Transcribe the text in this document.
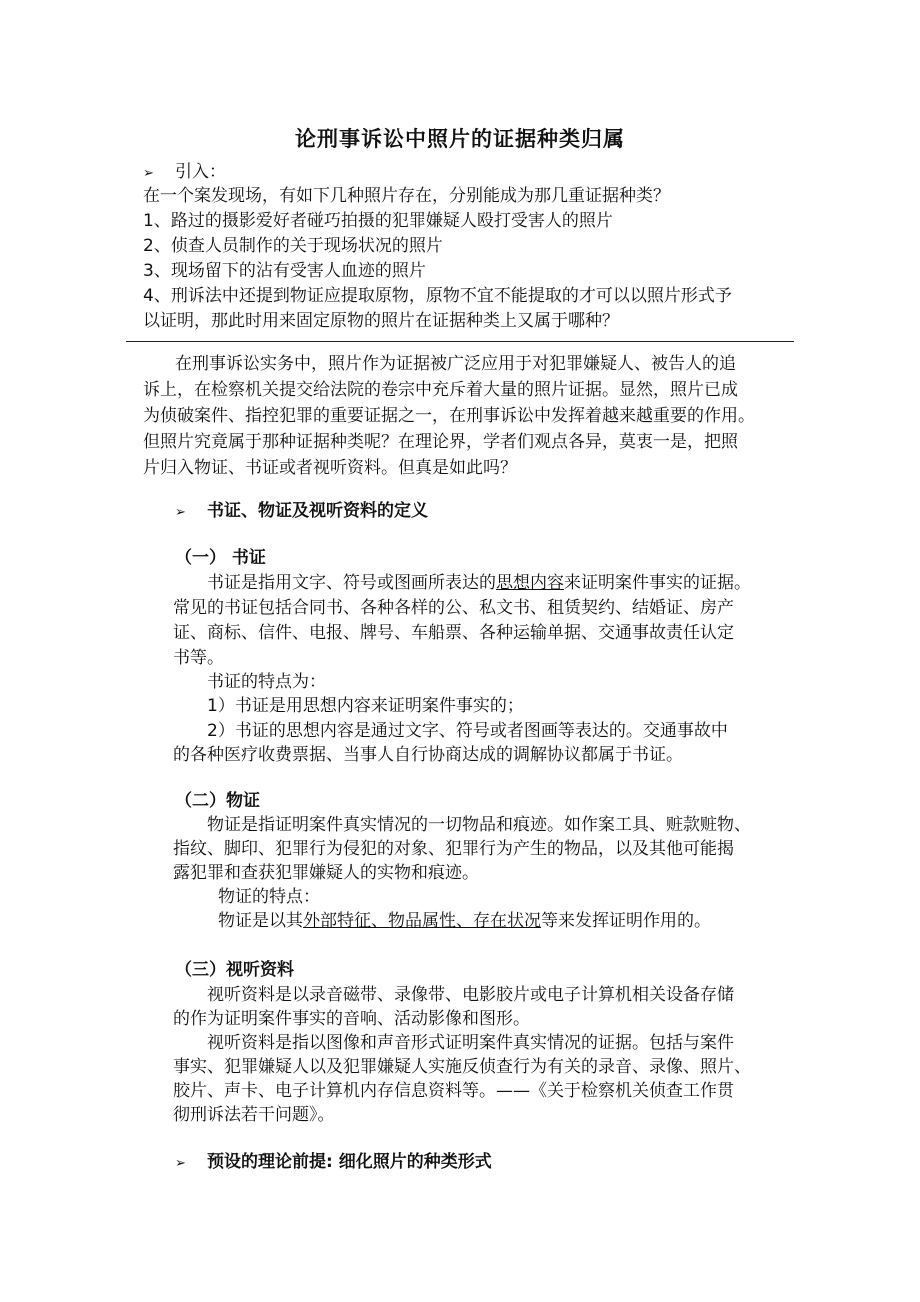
论刑事诉讼中照片的证据种类归属
➢ 引入：
在一个案发现场，有如下几种照片存在，分别能成为那几重证据种类？
1、路过的摄影爱好者碰巧拍摄的犯罪嫌疑人殴打受害人的照片
2、侦查人员制作的关于现场状况的照片
3、现场留下的沾有受害人血迹的照片
4、刑诉法中还提到物证应提取原物，原物不宜不能提取的才可以以照片形式予
以证明，那此时用来固定原物的照片在证据种类上又属于哪种？
在刑事诉讼实务中，照片作为证据被广泛应用于对犯罪嫌疑人、被告人的追
诉上，在检察机关提交给法院的卷宗中充斥着大量的照片证据。显然，照片已成
为侦破案件、指控犯罪的重要证据之一，在刑事诉讼中发挥着越来越重要的作用。
但照片究竟属于那种证据种类呢？在理论界，学者们观点各异，莫衷一是，把照
片归入物证、书证或者视听资料。但真是如此吗？
➢ 书证、物证及视听资料的定义
（一） 书证
书证是指用文字、符号或图画所表达的思想内容来证明案件事实的证据。
常见的书证包括合同书、各种各样的公、私文书、租赁契约、结婚证、房产
证、商标、信件、电报、牌号、车船票、各种运输单据、交通事故责任认定
书等。
书证的特点为：
1）书证是用思想内容来证明案件事实的；
2）书证的思想内容是通过文字、符号或者图画等表达的。交通事故中
的各种医疗收费票据、当事人自行协商达成的调解协议都属于书证。
（二）物证
物证是指证明案件真实情况的一切物品和痕迹。如作案工具、赃款赃物、
指纹、脚印、犯罪行为侵犯的对象、犯罪行为产生的物品，以及其他可能揭
露犯罪和查获犯罪嫌疑人的实物和痕迹。
物证的特点：
物证是以其外部特征、物品属性、存在状况等来发挥证明作用的。
（三）视听资料
视听资料是以录音磁带、录像带、电影胶片或电子计算机相关设备存储
的作为证明案件事实的音响、活动影像和图形。
视听资料是指以图像和声音形式证明案件真实情况的证据。包括与案件
事实、犯罪嫌疑人以及犯罪嫌疑人实施反侦查行为有关的录音、录像、照片、
胶片、声卡、电子计算机内存信息资料等。——《关于检察机关侦查工作贯
彻刑诉法若干问题》。
➢ 预设的理论前提: 细化照片的种类形式
